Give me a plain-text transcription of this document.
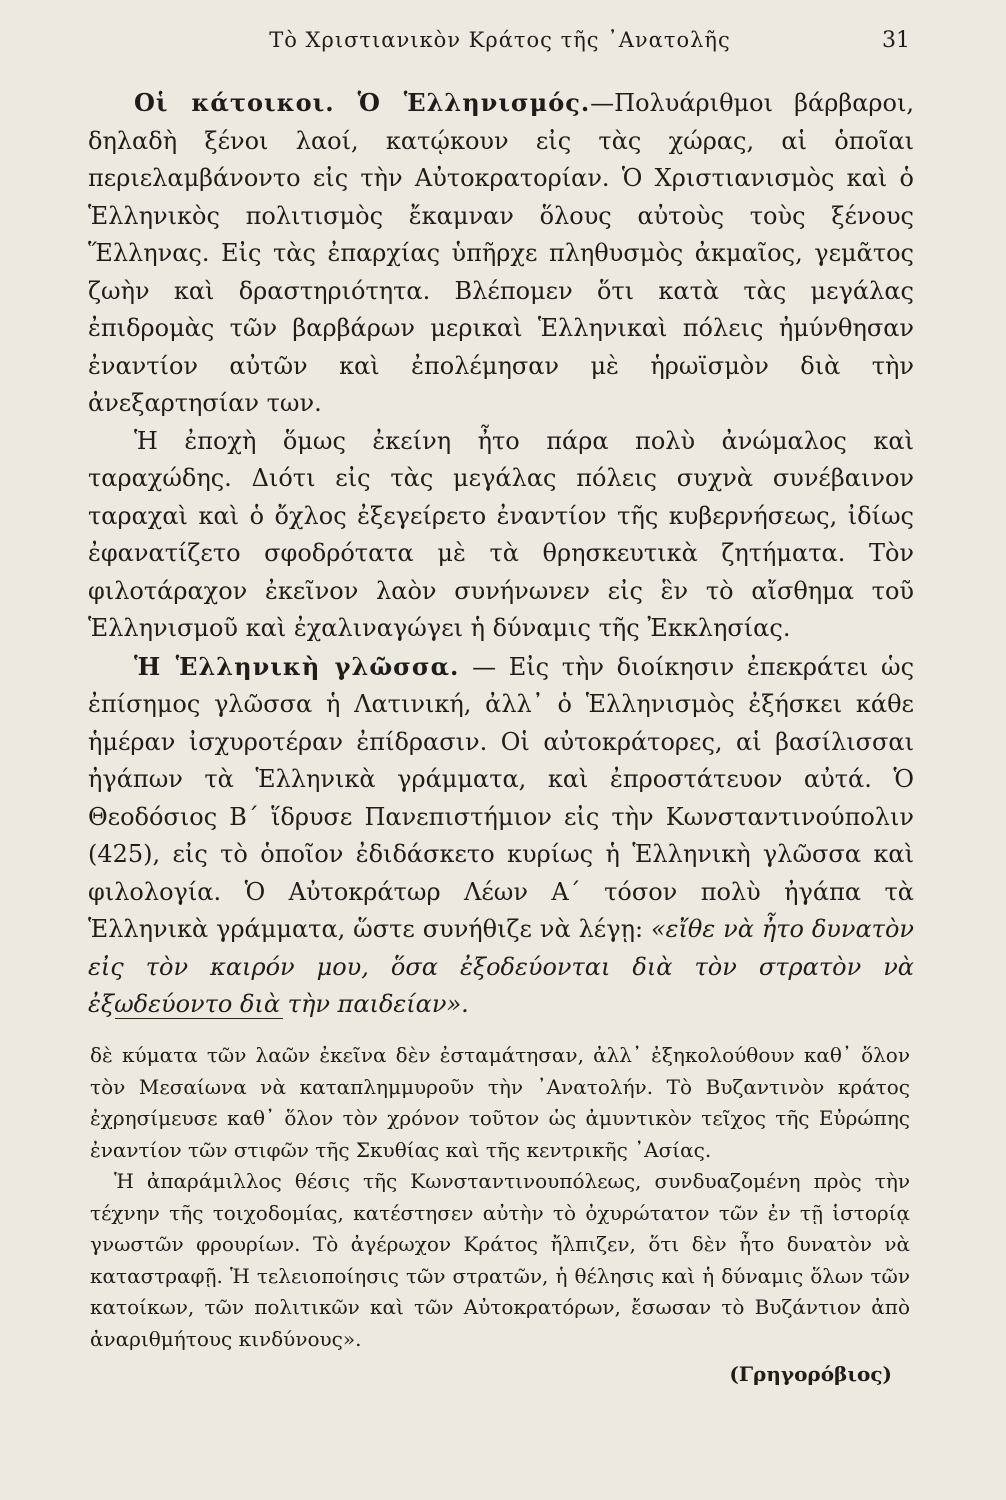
Τὸ Χριστιανικὸν Κράτος τῆς ᾿Ανατολῆς	31

Οἱ κάτοικοι. Ὁ Ἑλληνισμός.—Πολυάριθμοι βάρβαροι, δηλαδὴ ξένοι λαοί, κατῴκουν εἰς τὰς χώρας, αἱ ὁποῖαι περιελαμβάνοντο εἰς τὴν Αὐτοκρατορίαν. Ὁ Χριστιανισμὸς καὶ ὁ Ἑλληνικὸς πολιτισμὸς ἔκαμναν ὅλους αὐτοὺς τοὺς ξένους Ἕλληνας. Εἰς τὰς ἐπαρχίας ὑπῆρχε πληθυσμὸς ἀκμαῖος, γεμᾶτος ζωὴν καὶ δραστηριότητα. Βλέπομεν ὅτι κατὰ τὰς μεγάλας ἐπιδρομὰς τῶν βαρβάρων μερικαὶ Ἑλληνικαὶ πόλεις ἠμύνθησαν ἐναντίον αὐτῶν καὶ ἐπολέμησαν μὲ ἡρωϊσμὸν διὰ τὴν ἀνεξαρτησίαν των.

Ἡ ἐποχὴ ὅμως ἐκείνη ἦτο πάρα πολὺ ἀνώμαλος καὶ ταραχώδης. Διότι εἰς τὰς μεγάλας πόλεις συχνὰ συνέβαινον ταραχαὶ καὶ ὁ ὄχλος ἐξεγείρετο ἐναντίον τῆς κυβερνήσεως, ἰδίως ἐφανατίζετο σφοδρότατα μὲ τὰ θρησκευτικὰ ζητήματα. Τὸν φιλοτάραχον ἐκεῖνον λαὸν συνήνωνεν εἰς ἓν τὸ αἴσθημα τοῦ Ἑλληνισμοῦ καὶ ἐχαλιναγώγει ἡ δύναμις τῆς Ἐκκλησίας.

Ἡ Ἑλληνικὴ γλῶσσα. — Εἰς τὴν διοίκησιν ἐπεκράτει ὡς ἐπίσημος γλῶσσα ἡ Λατινική, ἀλλ᾿ ὁ Ἑλληνισμὸς ἐξήσκει κάθε ἡμέραν ἰσχυροτέραν ἐπίδρασιν. Οἱ αὐτοκράτορες, αἱ βασίλισσαι ἠγάπων τὰ Ἑλληνικὰ γράμματα, καὶ ἐπροστάτευον αὐτά. Ὁ Θεοδόσιος Β΄ ἵδρυσε Πανεπιστήμιον εἰς τὴν Κωνσταντινούπολιν (425), εἰς τὸ ὁποῖον ἐδιδάσκετο κυρίως ἡ Ἑλληνικὴ γλῶσσα καὶ φιλολογία. Ὁ Αὐτοκράτωρ Λέων Α΄ τόσον πολὺ ἠγάπα τὰ Ἑλληνικὰ γράμματα, ὥστε συνήθιζε νὰ λέγῃ: «εἴθε νὰ ἦτο δυνατὸν εἰς τὸν καιρόν μου, ὅσα ἐξοδεύονται διὰ τὸν στρατὸν νὰ ἐξωδεύοντο διὰ τὴν παιδείαν».

δὲ κύματα τῶν λαῶν ἐκεῖνα δὲν ἐσταμάτησαν, ἀλλ᾿ ἐξηκολούθουν καθ᾿ ὅλον τὸν Μεσαίωνα νὰ καταπλημμυροῦν τὴν ᾿Ανατολήν. Τὸ Βυζαντινὸν κράτος ἐχρησίμευσε καθ᾿ ὅλον τὸν χρόνον τοῦτον ὡς ἀμυντικὸν τεῖχος τῆς Εὐρώπης ἐναντίον τῶν στιφῶν τῆς Σκυθίας καὶ τῆς κεντρικῆς ᾿Ασίας.

Ἡ ἀπαράμιλλος θέσις τῆς Κωνσταντινουπόλεως, συνδυαζομένη πρὸς τὴν τέχνην τῆς τοιχοδομίας, κατέστησεν αὐτὴν τὸ ὀχυρώτατον τῶν ἐν τῇ ἱστορίᾳ γνωστῶν φρουρίων. Τὸ ἀγέρωχον Κράτος ἤλπιζεν, ὅτι δὲν ἦτο δυνατὸν νὰ καταστραφῇ. Ἡ τελειοποίησις τῶν στρατῶν, ἡ θέλησις καὶ ἡ δύναμις ὅλων τῶν κατοίκων, τῶν πολιτικῶν καὶ τῶν Αὐτοκρατόρων, ἔσωσαν τὸ Βυζάντιον ἀπὸ ἀναριθμήτους κινδύνους».

(Γρηγορόβιος)
